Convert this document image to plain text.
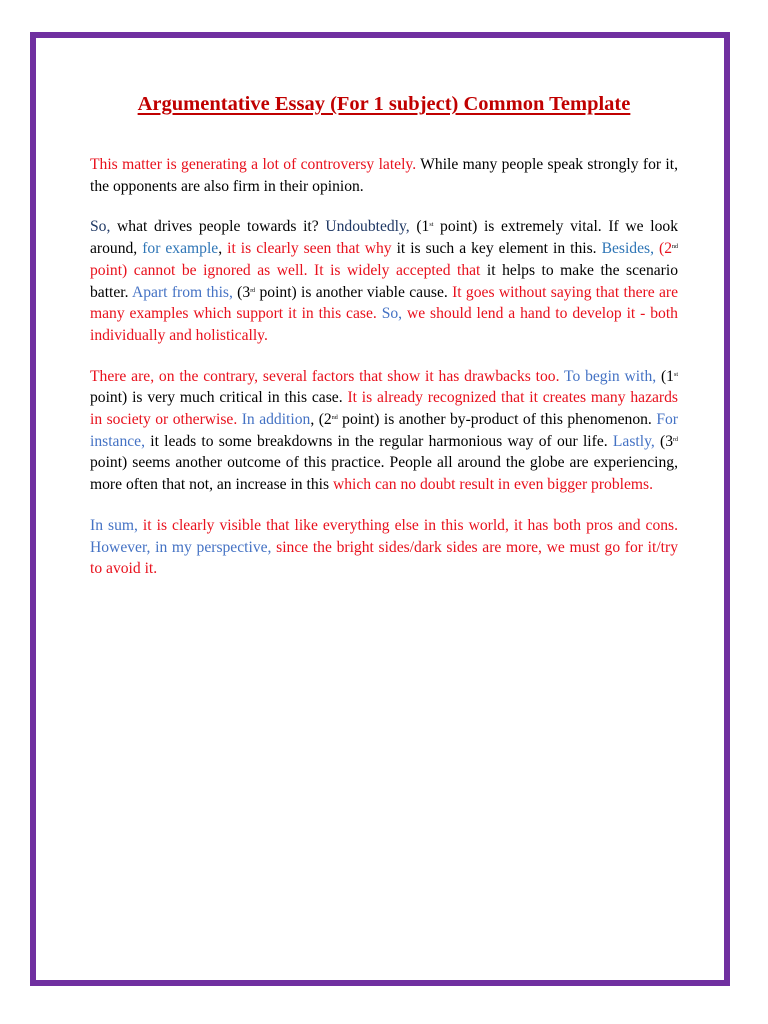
Argumentative Essay (For 1 subject) Common Template

This matter is generating a lot of controversy lately. While many people speak strongly for it, the opponents are also firm in their opinion.

So, what drives people towards it? Undoubtedly, (1st point) is extremely vital. If we look around, for example, it is clearly seen that why it is such a key element in this. Besides, (2nd point) cannot be ignored as well. It is widely accepted that it helps to make the scenario batter. Apart from this, (3rd point) is another viable cause. It goes without saying that there are many examples which support it in this case. So, we should lend a hand to develop it - both individually and holistically.

There are, on the contrary, several factors that show it has drawbacks too. To begin with, (1st point) is very much critical in this case. It is already recognized that it creates many hazards in society or otherwise. In addition, (2nd point) is another by-product of this phenomenon. For instance, it leads to some breakdowns in the regular harmonious way of our life. Lastly, (3rd point) seems another outcome of this practice. People all around the globe are experiencing, more often that not, an increase in this which can no doubt result in even bigger problems.

In sum, it is clearly visible that like everything else in this world, it has both pros and cons. However, in my perspective, since the bright sides/dark sides are more, we must go for it/try to avoid it.
